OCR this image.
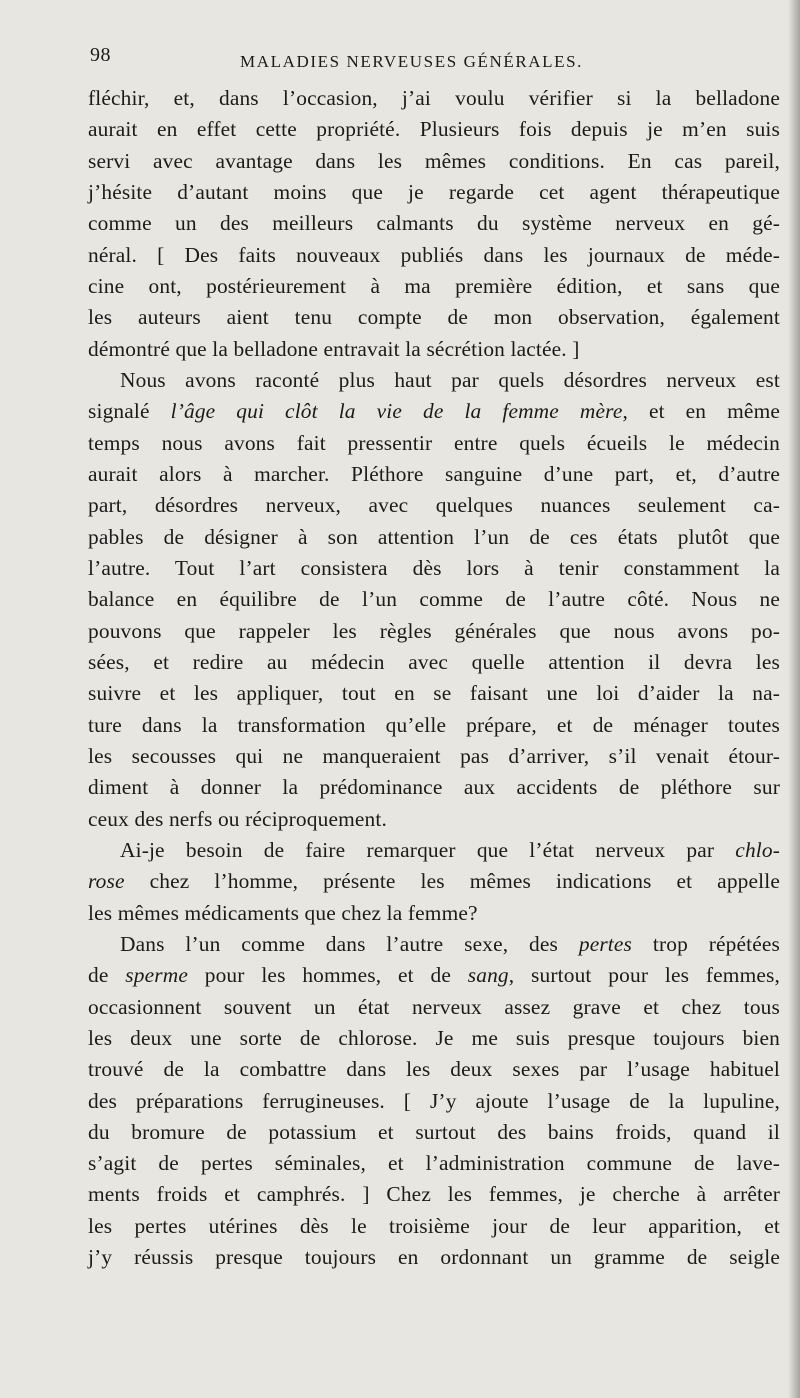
98	MALADIES NERVEUSES GÉNÉRALES.
fléchir, et, dans l’occasion, j’ai voulu vérifier si la belladone
aurait en effet cette propriété. Plusieurs fois depuis je m’en suis
servi avec avantage dans les mêmes conditions. En cas pareil,
j’hésite d’autant moins que je regarde cet agent thérapeutique
comme un des meilleurs calmants du système nerveux en gé-
néral. [ Des faits nouveaux publiés dans les journaux de méde-
cine ont, postérieurement à ma première édition, et sans que
les auteurs aient tenu compte de mon observation, également
démontré que la belladone entravait la sécrétion lactée. ]
Nous avons raconté plus haut par quels désordres nerveux est
signalé l’âge qui clôt la vie de la femme mère, et en même
temps nous avons fait pressentir entre quels écueils le médecin
aurait alors à marcher. Pléthore sanguine d’une part, et, d’autre
part, désordres nerveux, avec quelques nuances seulement ca-
pables de désigner à son attention l’un de ces états plutôt que
l’autre. Tout l’art consistera dès lors à tenir constamment la
balance en équilibre de l’un comme de l’autre côté. Nous ne
pouvons que rappeler les règles générales que nous avons po-
sées, et redire au médecin avec quelle attention il devra les
suivre et les appliquer, tout en se faisant une loi d’aider la na-
ture dans la transformation qu’elle prépare, et de ménager toutes
les secousses qui ne manqueraient pas d’arriver, s’il venait étour-
diment à donner la prédominance aux accidents de pléthore sur
ceux des nerfs ou réciproquement.
Ai-je besoin de faire remarquer que l’état nerveux par chlo-
rose chez l’homme, présente les mêmes indications et appelle
les mêmes médicaments que chez la femme?
Dans l’un comme dans l’autre sexe, des pertes trop répétées
de sperme pour les hommes, et de sang, surtout pour les femmes,
occasionnent souvent un état nerveux assez grave et chez tous
les deux une sorte de chlorose. Je me suis presque toujours bien
trouvé de la combattre dans les deux sexes par l’usage habituel
des préparations ferrugineuses. [ J’y ajoute l’usage de la lupuline,
du bromure de potassium et surtout des bains froids, quand il
s’agit de pertes séminales, et l’administration commune de lave-
ments froids et camphrés. ] Chez les femmes, je cherche à arrêter
les pertes utérines dès le troisième jour de leur apparition, et
j’y réussis presque toujours en ordonnant un gramme de seigle
